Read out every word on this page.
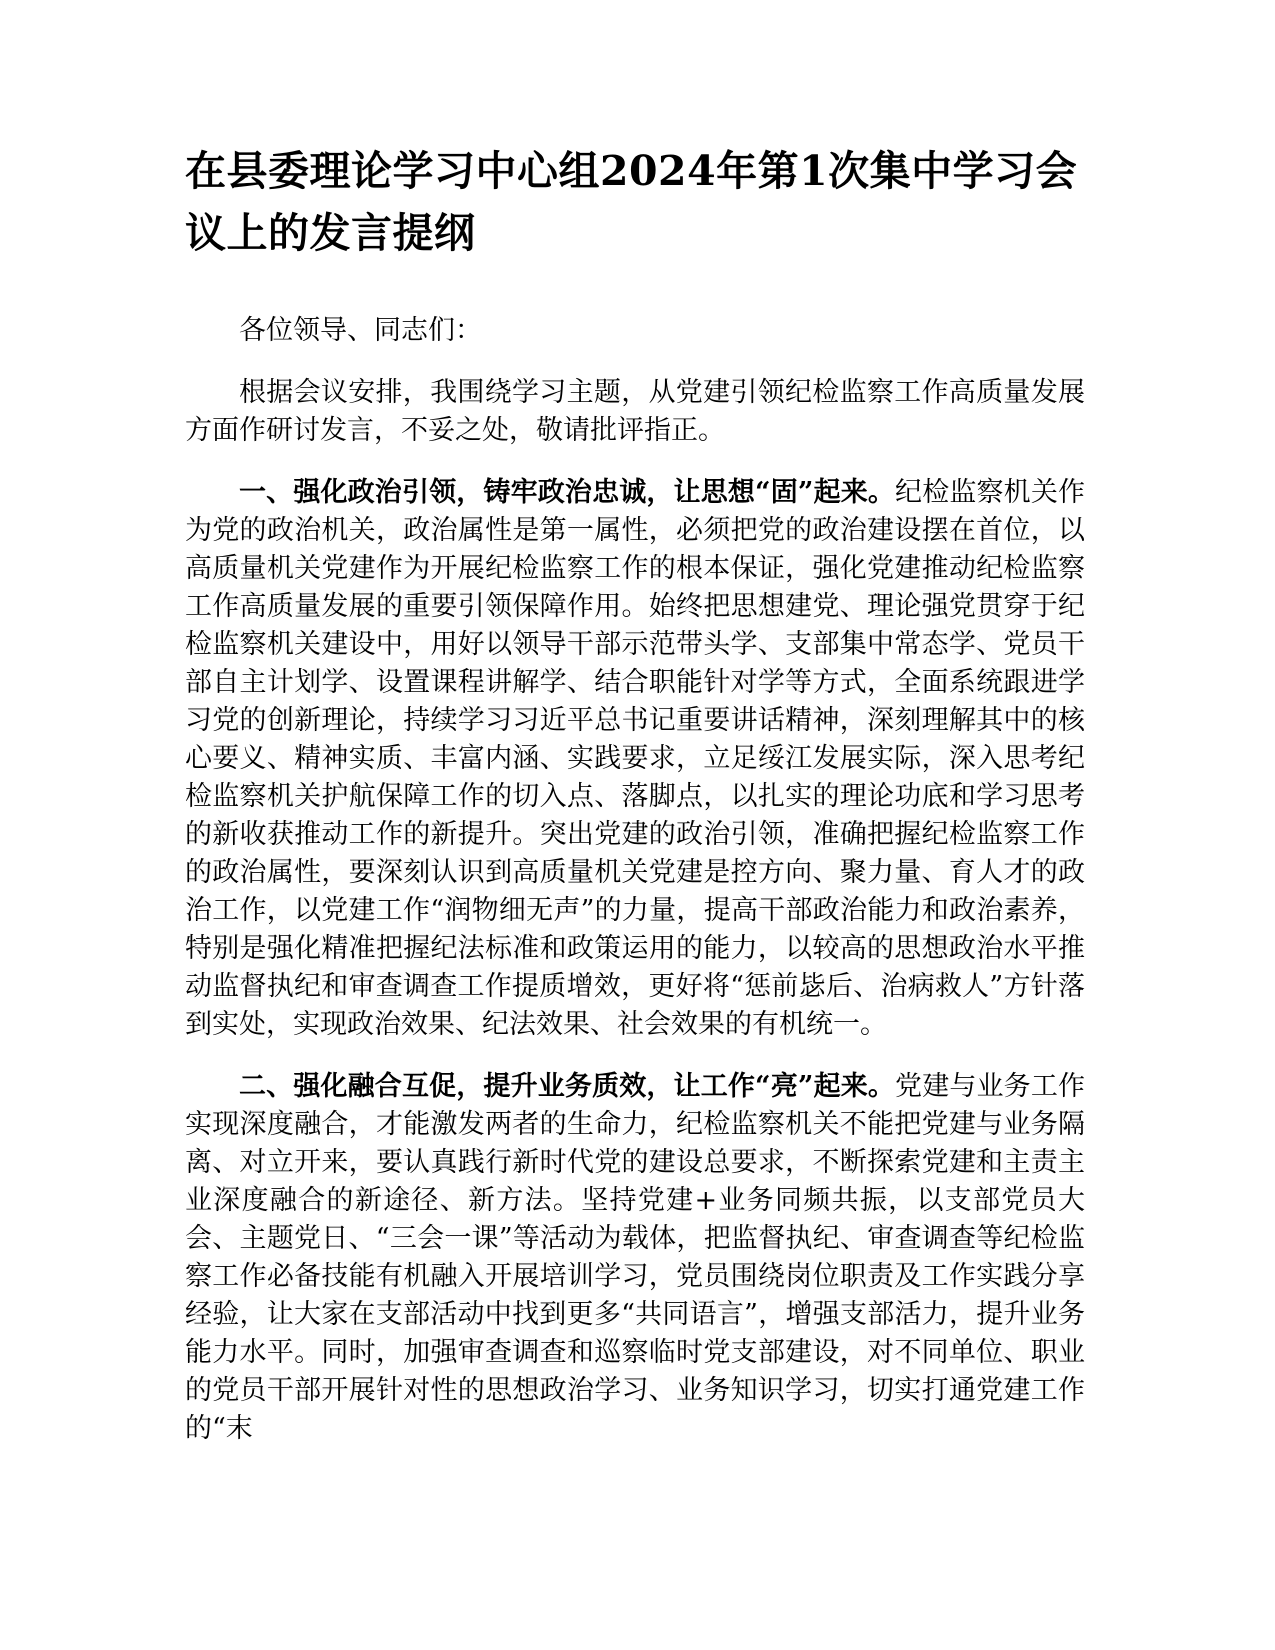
在县委理论学习中心组2024年第1次集中学习会议上的发言提纲

各位领导、同志们：

根据会议安排，我围绕学习主题，从党建引领纪检监察工作高质量发展方面作研讨发言，不妥之处，敬请批评指正。

一、强化政治引领，铸牢政治忠诚，让思想“固”起来。纪检监察机关作为党的政治机关，政治属性是第一属性，必须把党的政治建设摆在首位，以高质量机关党建作为开展纪检监察工作的根本保证，强化党建推动纪检监察工作高质量发展的重要引领保障作用。始终把思想建党、理论强党贯穿于纪检监察机关建设中，用好以领导干部示范带头学、支部集中常态学、党员干部自主计划学、设置课程讲解学、结合职能针对学等方式，全面系统跟进学习党的创新理论，持续学习习近平总书记重要讲话精神，深刻理解其中的核心要义、精神实质、丰富内涵、实践要求，立足绥江发展实际，深入思考纪检监察机关护航保障工作的切入点、落脚点，以扎实的理论功底和学习思考的新收获推动工作的新提升。突出党建的政治引领，准确把握纪检监察工作的政治属性，要深刻认识到高质量机关党建是控方向、聚力量、育人才的政治工作，以党建工作“润物细无声”的力量，提高干部政治能力和政治素养，特别是强化精准把握纪法标准和政策运用的能力，以较高的思想政治水平推动监督执纪和审查调查工作提质增效，更好将“惩前毖后、治病救人”方针落到实处，实现政治效果、纪法效果、社会效果的有机统一。

二、强化融合互促，提升业务质效，让工作“亮”起来。党建与业务工作实现深度融合，才能激发两者的生命力，纪检监察机关不能把党建与业务隔离、对立开来，要认真践行新时代党的建设总要求，不断探索党建和主责主业深度融合的新途径、新方法。坚持党建+业务同频共振，以支部党员大会、主题党日、“三会一课”等活动为载体，把监督执纪、审查调查等纪检监察工作必备技能有机融入开展培训学习，党员围绕岗位职责及工作实践分享经验，让大家在支部活动中找到更多“共同语言”，增强支部活力，提升业务能力水平。同时，加强审查调查和巡察临时党支部建设，对不同单位、职业的党员干部开展针对性的思想政治学习、业务知识学习，切实打通党建工作的“末
